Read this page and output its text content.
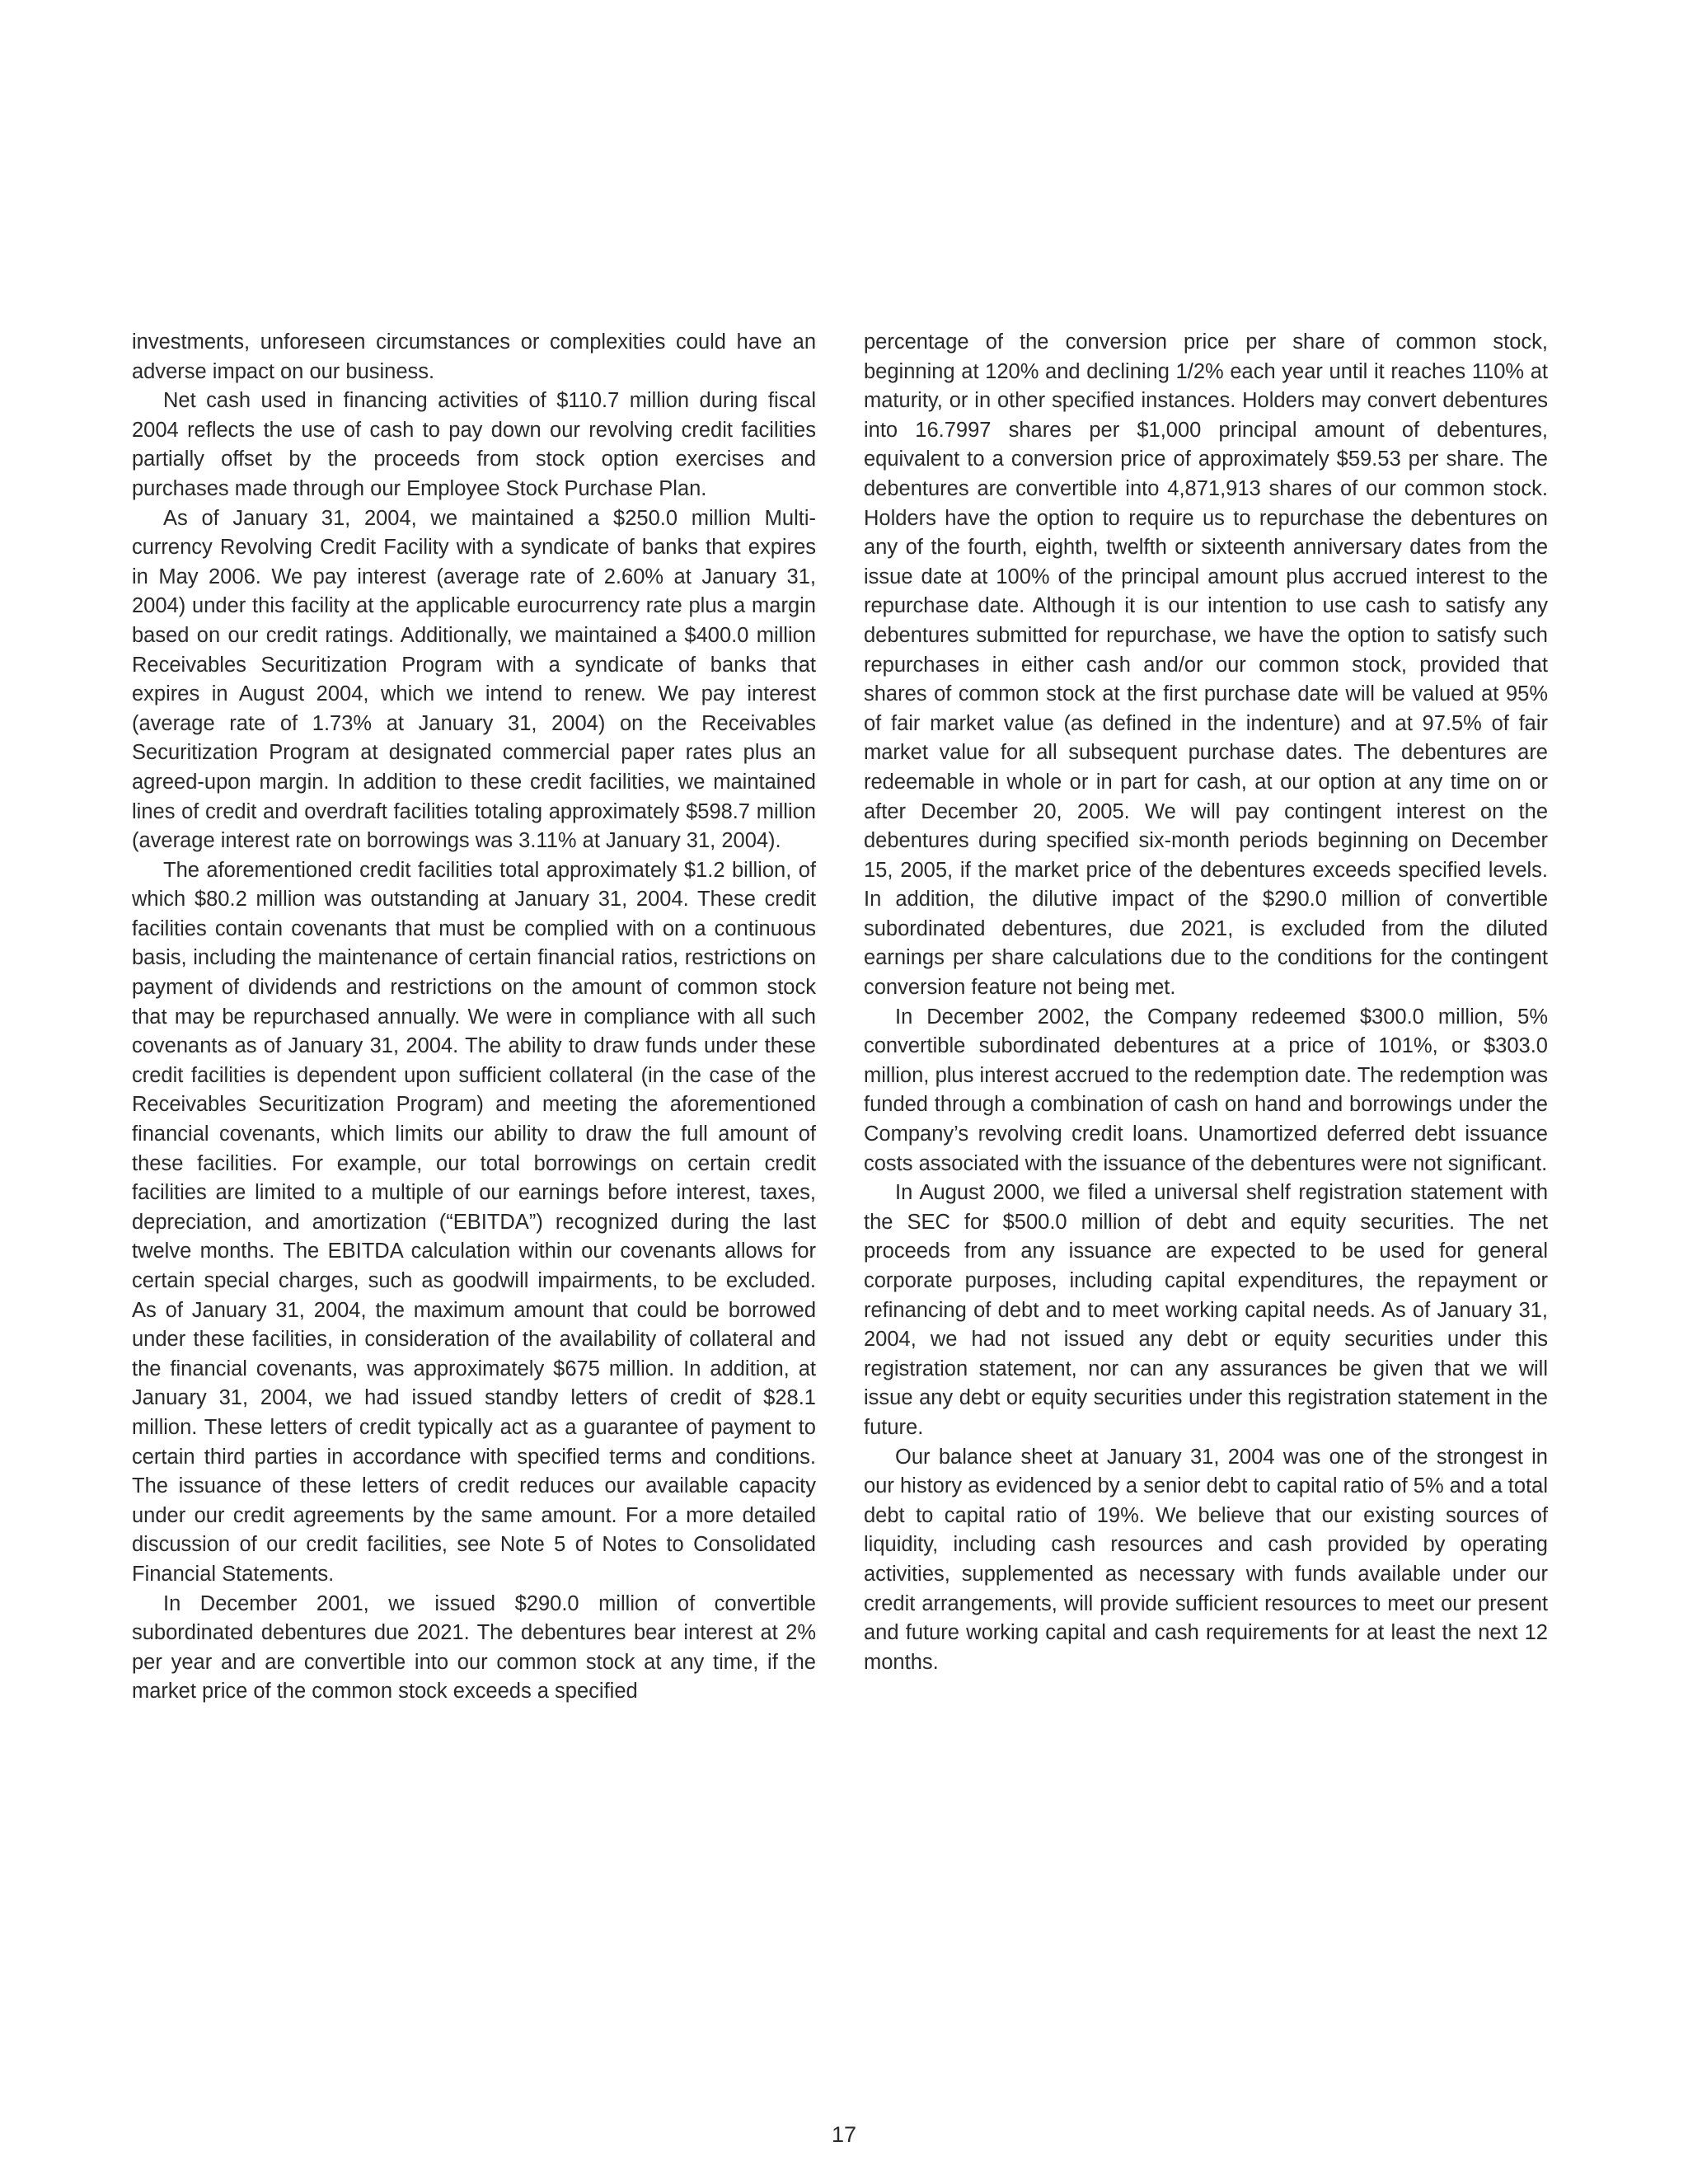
investments, unforeseen circumstances or complexities could have an adverse impact on our business.

Net cash used in financing activities of $110.7 million during fiscal 2004 reflects the use of cash to pay down our revolving credit facilities partially offset by the proceeds from stock option exercises and purchases made through our Employee Stock Purchase Plan.

As of January 31, 2004, we maintained a $250.0 million Multi-currency Revolving Credit Facility with a syndicate of banks that expires in May 2006. We pay interest (average rate of 2.60% at January 31, 2004) under this facility at the applicable eurocurrency rate plus a margin based on our credit ratings. Additionally, we maintained a $400.0 million Receivables Securitization Program with a syndicate of banks that expires in August 2004, which we intend to renew. We pay interest (average rate of 1.73% at January 31, 2004) on the Receivables Securitization Program at designated commercial paper rates plus an agreed-upon margin. In addition to these credit facilities, we maintained lines of credit and overdraft facilities totaling approximately $598.7 million (average interest rate on borrowings was 3.11% at January 31, 2004).

The aforementioned credit facilities total approximately $1.2 billion, of which $80.2 million was outstanding at January 31, 2004. These credit facilities contain covenants that must be complied with on a continuous basis, including the maintenance of certain financial ratios, restrictions on payment of dividends and restrictions on the amount of common stock that may be repurchased annually. We were in compliance with all such covenants as of January 31, 2004. The ability to draw funds under these credit facilities is dependent upon sufficient collateral (in the case of the Receivables Securitization Program) and meeting the aforementioned financial covenants, which limits our ability to draw the full amount of these facilities. For example, our total borrowings on certain credit facilities are limited to a multiple of our earnings before interest, taxes, depreciation, and amortization (“EBITDA”) recognized during the last twelve months. The EBITDA calculation within our covenants allows for certain special charges, such as goodwill impairments, to be excluded. As of January 31, 2004, the maximum amount that could be borrowed under these facilities, in consideration of the availability of collateral and the financial covenants, was approximately $675 million. In addition, at January 31, 2004, we had issued standby letters of credit of $28.1 million. These letters of credit typically act as a guarantee of payment to certain third parties in accordance with specified terms and conditions. The issuance of these letters of credit reduces our available capacity under our credit agreements by the same amount. For a more detailed discussion of our credit facilities, see Note 5 of Notes to Consolidated Financial Statements.

In December 2001, we issued $290.0 million of convertible subordinated debentures due 2021. The debentures bear interest at 2% per year and are convertible into our common stock at any time, if the market price of the common stock exceeds a specified

percentage of the conversion price per share of common stock, beginning at 120% and declining 1/2% each year until it reaches 110% at maturity, or in other specified instances. Holders may convert debentures into 16.7997 shares per $1,000 principal amount of debentures, equivalent to a conversion price of approximately $59.53 per share. The debentures are convertible into 4,871,913 shares of our common stock. Holders have the option to require us to repurchase the debentures on any of the fourth, eighth, twelfth or sixteenth anniversary dates from the issue date at 100% of the principal amount plus accrued interest to the repurchase date. Although it is our intention to use cash to satisfy any debentures submitted for repurchase, we have the option to satisfy such repurchases in either cash and/or our common stock, provided that shares of common stock at the first purchase date will be valued at 95% of fair market value (as defined in the indenture) and at 97.5% of fair market value for all subsequent purchase dates. The debentures are redeemable in whole or in part for cash, at our option at any time on or after December 20, 2005. We will pay contingent interest on the debentures during specified six-month periods beginning on December 15, 2005, if the market price of the debentures exceeds specified levels. In addition, the dilutive impact of the $290.0 million of convertible subordinated debentures, due 2021, is excluded from the diluted earnings per share calculations due to the conditions for the contingent conversion feature not being met.

In December 2002, the Company redeemed $300.0 million, 5% convertible subordinated debentures at a price of 101%, or $303.0 million, plus interest accrued to the redemption date. The redemption was funded through a combination of cash on hand and borrowings under the Company’s revolving credit loans. Unamortized deferred debt issuance costs associated with the issuance of the debentures were not significant.

In August 2000, we filed a universal shelf registration statement with the SEC for $500.0 million of debt and equity securities. The net proceeds from any issuance are expected to be used for general corporate purposes, including capital expenditures, the repayment or refinancing of debt and to meet working capital needs. As of January 31, 2004, we had not issued any debt or equity securities under this registration statement, nor can any assurances be given that we will issue any debt or equity securities under this registration statement in the future.

Our balance sheet at January 31, 2004 was one of the strongest in our history as evidenced by a senior debt to capital ratio of 5% and a total debt to capital ratio of 19%. We believe that our existing sources of liquidity, including cash resources and cash provided by operating activities, supplemented as necessary with funds available under our credit arrangements, will provide sufficient resources to meet our present and future working capital and cash requirements for at least the next 12 months.

17
